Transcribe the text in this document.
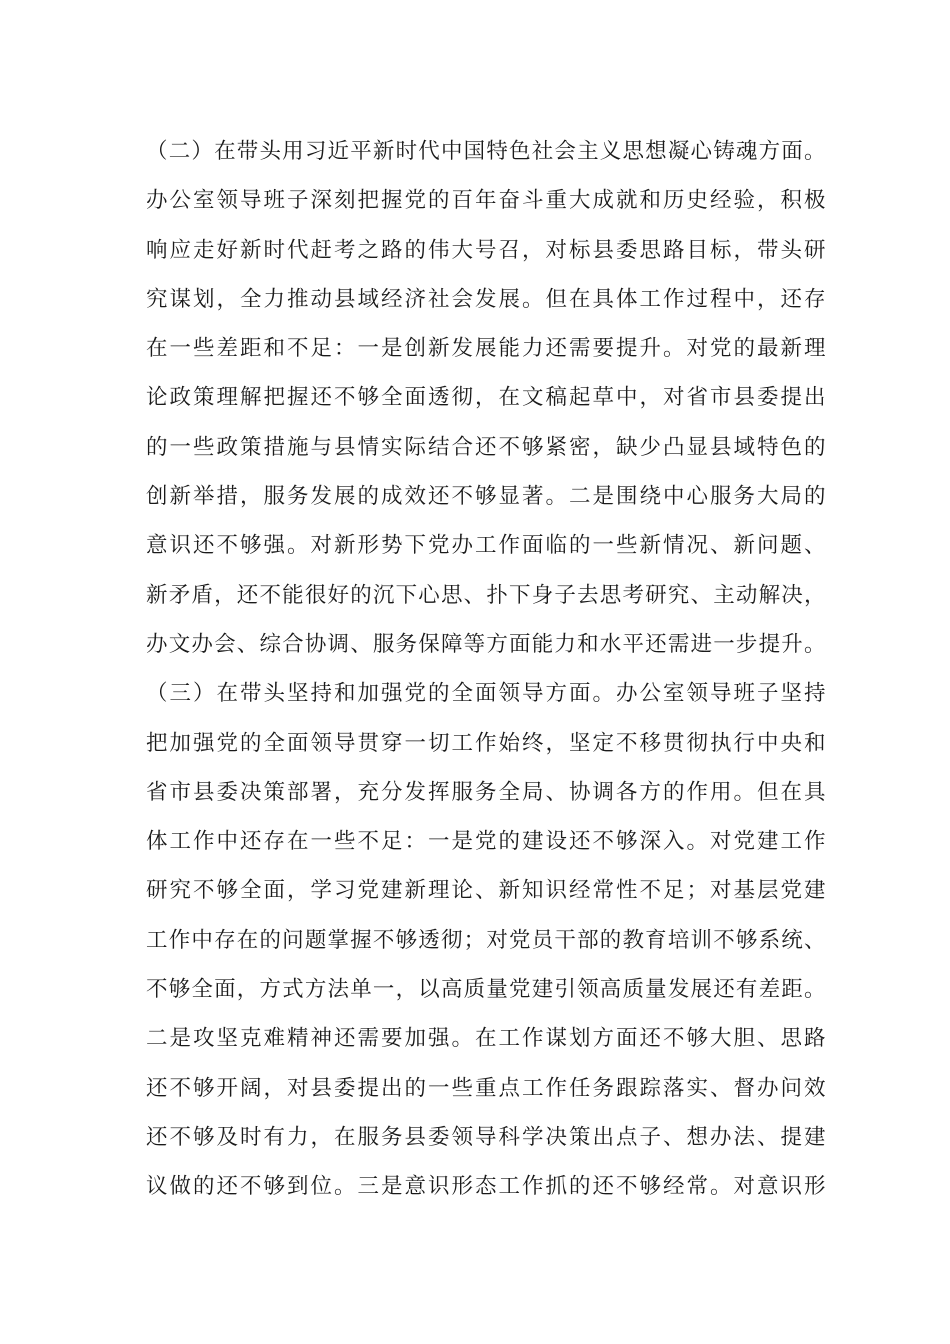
（二）在带头用习近平新时代中国特色社会主义思想凝心铸魂方面。
办公室领导班子深刻把握党的百年奋斗重大成就和历史经验，积极
响应走好新时代赶考之路的伟大号召，对标县委思路目标，带头研
究谋划，全力推动县域经济社会发展。但在具体工作过程中，还存
在一些差距和不足：一是创新发展能力还需要提升。对党的最新理
论政策理解把握还不够全面透彻，在文稿起草中，对省市县委提出
的一些政策措施与县情实际结合还不够紧密，缺少凸显县域特色的
创新举措，服务发展的成效还不够显著。二是围绕中心服务大局的
意识还不够强。对新形势下党办工作面临的一些新情况、新问题、
新矛盾，还不能很好的沉下心思、扑下身子去思考研究、主动解决，
办文办会、综合协调、服务保障等方面能力和水平还需进一步提升。
（三）在带头坚持和加强党的全面领导方面。办公室领导班子坚持
把加强党的全面领导贯穿一切工作始终，坚定不移贯彻执行中央和
省市县委决策部署，充分发挥服务全局、协调各方的作用。但在具
体工作中还存在一些不足：一是党的建设还不够深入。对党建工作
研究不够全面，学习党建新理论、新知识经常性不足；对基层党建
工作中存在的问题掌握不够透彻；对党员干部的教育培训不够系统、
不够全面，方式方法单一，以高质量党建引领高质量发展还有差距。
二是攻坚克难精神还需要加强。在工作谋划方面还不够大胆、思路
还不够开阔，对县委提出的一些重点工作任务跟踪落实、督办问效
还不够及时有力，在服务县委领导科学决策出点子、想办法、提建
议做的还不够到位。三是意识形态工作抓的还不够经常。对意识形
